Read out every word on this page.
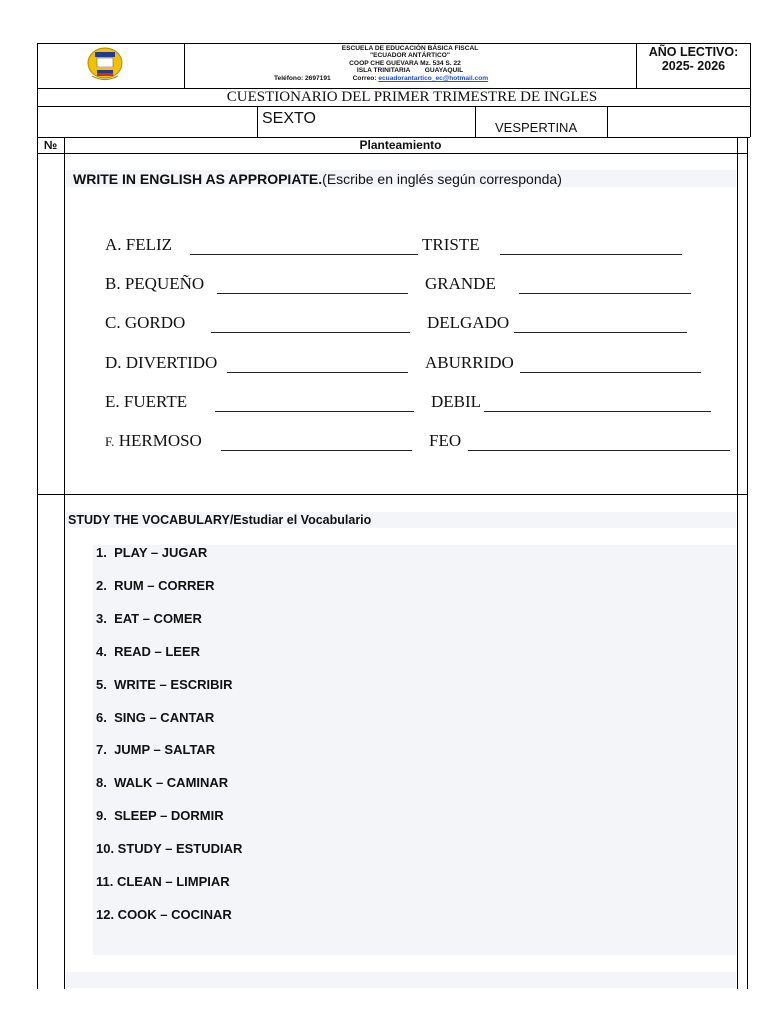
ESCUELA DE EDUCACIÓN BÁSICA FISCAL
"ECUADOR ANTÁRTICO"
COOP CHE GUEVARA Mz. 534 S. 22
ISLA TRINITARIA        GUAYAQUIL
Teléfono: 2697191	Correo: ecuadorantartico_ec@hotmail.com
AÑO LECTIVO:
2025- 2026
CUESTIONARIO DEL PRIMER TRIMESTRE DE INGLES
SEXTO
VESPERTINA
№	Planteamiento
WRITE IN ENGLISH AS APPROPIATE.(Escribe en inglés según corresponda)
A. FELIZ	TRISTE
B. PEQUEÑO	GRANDE
C. GORDO	DELGADO
D. DIVERTIDO	ABURRIDO
E. FUERTE	DEBIL
F. HERMOSO	FEO
STUDY THE VOCABULARY/Estudiar el Vocabulario
1.  PLAY – JUGAR
2.  RUM – CORRER
3.  EAT – COMER
4.  READ – LEER
5.  WRITE – ESCRIBIR
6.  SING – CANTAR
7.  JUMP – SALTAR
8.  WALK – CAMINAR
9.  SLEEP – DORMIR
10. STUDY – ESTUDIAR
11. CLEAN – LIMPIAR
12. COOK – COCINAR
